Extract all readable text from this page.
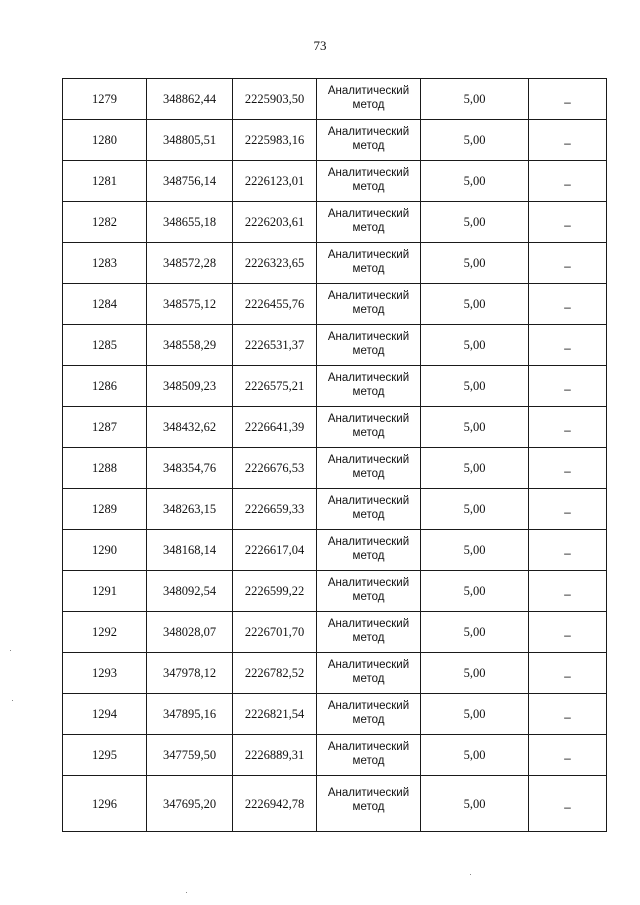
73
1279	348862,44	2225903,50	Аналитический
метод	5,00	–
1280	348805,51	2225983,16	Аналитический
метод	5,00	–
1281	348756,14	2226123,01	Аналитический
метод	5,00	–
1282	348655,18	2226203,61	Аналитический
метод	5,00	–
1283	348572,28	2226323,65	Аналитический
метод	5,00	–
1284	348575,12	2226455,76	Аналитический
метод	5,00	–
1285	348558,29	2226531,37	Аналитический
метод	5,00	–
1286	348509,23	2226575,21	Аналитический
метод	5,00	–
1287	348432,62	2226641,39	Аналитический
метод	5,00	–
1288	348354,76	2226676,53	Аналитический
метод	5,00	–
1289	348263,15	2226659,33	Аналитический
метод	5,00	–
1290	348168,14	2226617,04	Аналитический
метод	5,00	–
1291	348092,54	2226599,22	Аналитический
метод	5,00	–
1292	348028,07	2226701,70	Аналитический
метод	5,00	–
1293	347978,12	2226782,52	Аналитический
метод	5,00	–
1294	347895,16	2226821,54	Аналитический
метод	5,00	–
1295	347759,50	2226889,31	Аналитический
метод	5,00	–
1296	347695,20	2226942,78	Аналитический
метод	5,00	–
